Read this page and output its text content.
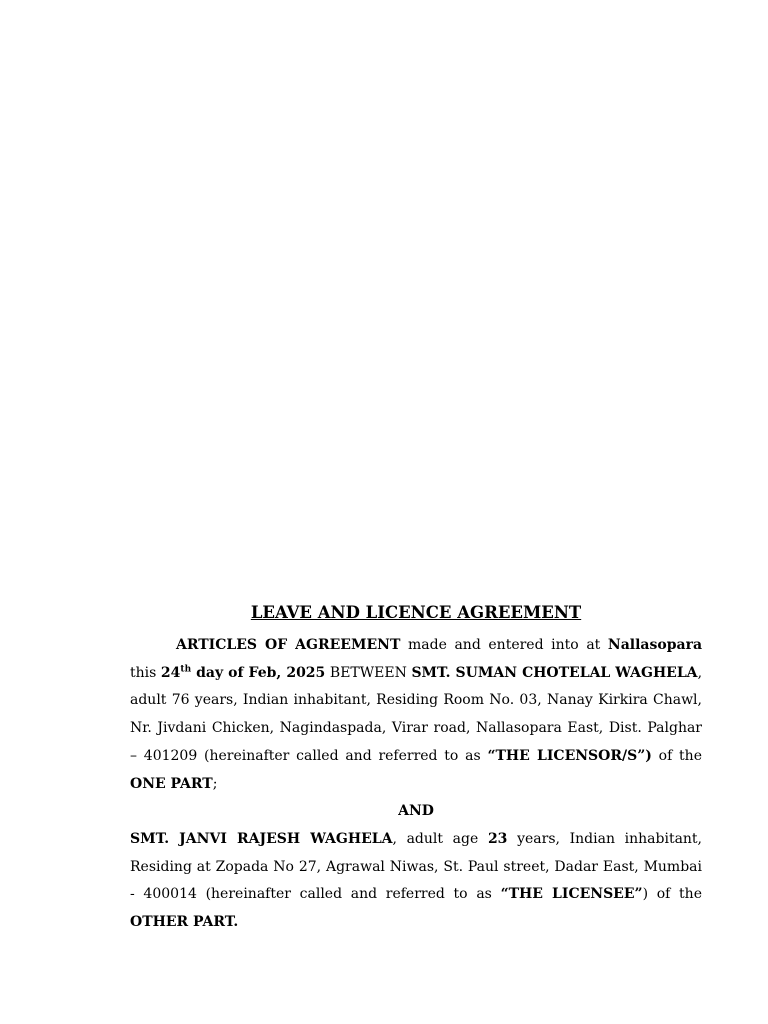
LEAVE AND LICENCE AGREEMENT

ARTICLES OF AGREEMENT made and entered into at Nallasopara this 24th day of Feb, 2025 BETWEEN SMT. SUMAN CHOTELAL WAGHELA, adult 76 years, Indian inhabitant, Residing Room No. 03, Nanay Kirkira Chawl, Nr. Jivdani Chicken, Nagindaspada, Virar road, Nallasopara East, Dist. Palghar – 401209 (hereinafter called and referred to as “THE LICENSOR/S”) of the ONE PART;

AND

SMT. JANVI RAJESH WAGHELA, adult age 23 years, Indian inhabitant, Residing at Zopada No 27, Agrawal Niwas, St. Paul street, Dadar East, Mumbai - 400014 (hereinafter called and referred to as “THE LICENSEE”) of the OTHER PART.
